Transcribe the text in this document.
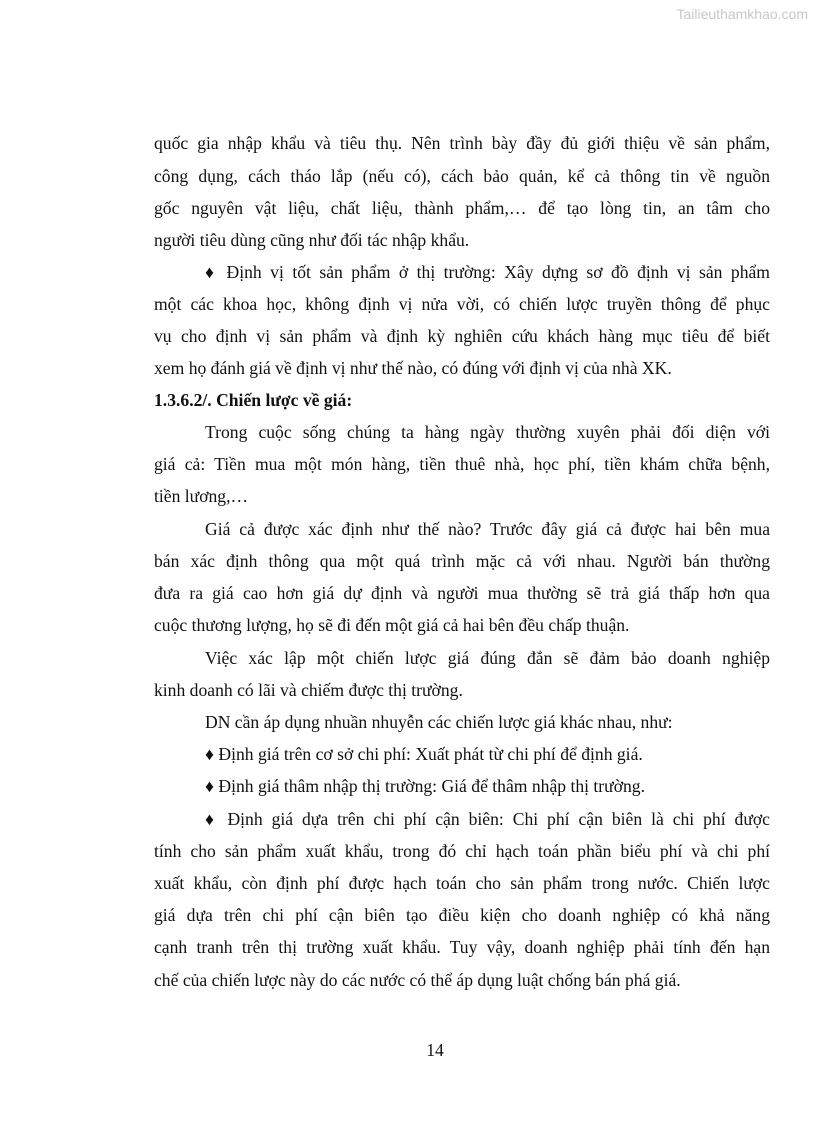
Tailieuthamkhao.com
quốc gia nhập khẩu và tiêu thụ. Nên trình bày đầy đủ giới thiệu về sản phẩm,
công dụng, cách tháo lắp (nếu có), cách bảo quản, kể cả thông tin về nguồn
gốc nguyên vật liệu, chất liệu, thành phẩm,… để tạo lòng tin, an tâm cho
người tiêu dùng cũng như đối tác nhập khẩu.
♦ Định vị tốt sản phẩm ở thị trường: Xây dựng sơ đồ định vị sản phẩm
một các khoa học, không định vị nửa vời, có chiến lược truyền thông để phục
vụ cho định vị sản phẩm và định kỳ nghiên cứu khách hàng mục tiêu để biết
xem họ đánh giá về định vị như thế nào, có đúng với định vị của nhà XK.
1.3.6.2/. Chiến lược về giá:
Trong cuộc sống chúng ta hàng ngày thường xuyên phải đối diện với
giá cả: Tiền mua một món hàng, tiền thuê nhà, học phí, tiền khám chữa bệnh,
tiền lương,…
Giá cả được xác định như thế nào? Trước đây giá cả được hai bên mua
bán xác định thông qua một quá trình mặc cả với nhau. Người bán thường
đưa ra giá cao hơn giá dự định và người mua thường sẽ trả giá thấp hơn qua
cuộc thương lượng, họ sẽ đi đến một giá cả hai bên đều chấp thuận.
Việc xác lập một chiến lược giá đúng đắn sẽ đảm bảo doanh nghiệp
kinh doanh có lãi và chiếm được thị trường.
DN cần áp dụng nhuần nhuyễn các chiến lược giá khác nhau, như:
♦ Định giá trên cơ sở chi phí: Xuất phát từ chi phí để định giá.
♦ Định giá thâm nhập thị trường: Giá để thâm nhập thị trường.
♦ Định giá dựa trên chi phí cận biên: Chi phí cận biên là chi phí được
tính cho sản phẩm xuất khẩu, trong đó chỉ hạch toán phần biểu phí và chi phí
xuất khẩu, còn định phí được hạch toán cho sản phẩm trong nước. Chiến lược
giá dựa trên chi phí cận biên tạo điều kiện cho doanh nghiệp có khả năng
cạnh tranh trên thị trường xuất khẩu. Tuy vậy, doanh nghiệp phải tính đến hạn
chế của chiến lược này do các nước có thể áp dụng luật chống bán phá giá.
14
